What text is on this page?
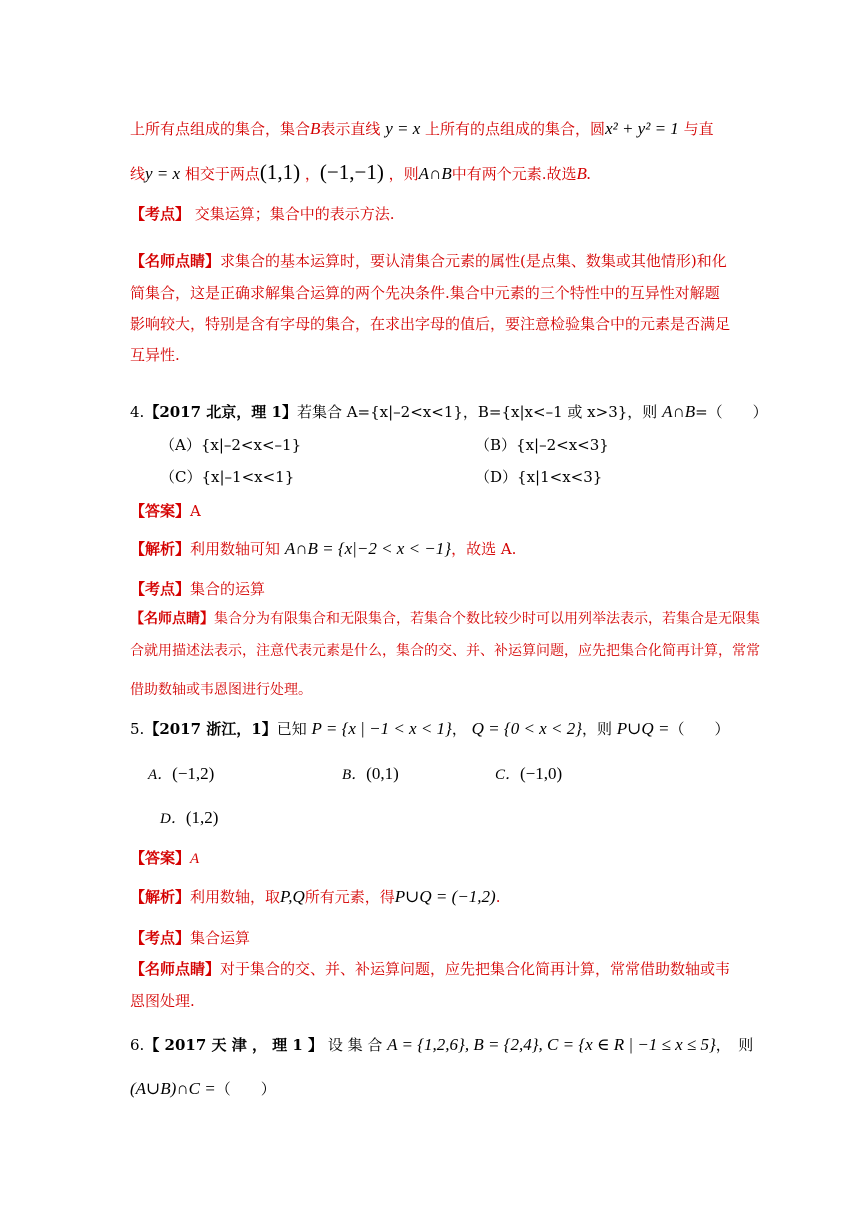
上所有点组成的集合，集合B表示直线 y = x 上所有的点组成的集合，圆x² + y² = 1 与直
线y = x 相交于两点(1,1) ，(−1,−1) ，则A∩B中有两个元素.故选B.
【考点】 交集运算；集合中的表示方法.
【名师点睛】求集合的基本运算时，要认清集合元素的属性(是点集、数集或其他情形)和化
简集合，这是正确求解集合运算的两个先决条件.集合中元素的三个特性中的互异性对解题
影响较大，特别是含有字母的集合，在求出字母的值后，要注意检验集合中的元素是否满足
互异性.
4.【2017 北京，理 1】若集合 A={x|–2<x<1}，B={x|x<–1 或 x>3}，则 A∩B=（　　）
（A）{x|–2<x<–1}	（B）{x|–2<x<3}
（C）{x|–1<x<1}	（D）{x|1<x<3}
【答案】A
【解析】利用数轴可知 A∩B = {x|−2 < x < −1}，故选 A.
【考点】集合的运算
【名师点睛】集合分为有限集合和无限集合，若集合个数比较少时可以用列举法表示，若集合是无限集
合就用描述法表示，注意代表元素是什么，集合的交、并、补运算问题，应先把集合化简再计算，常常
借助数轴或韦恩图进行处理。
5.【2017 浙江，1】已知 P = {x | −1 < x < 1}， Q = {0 < x < 2}，则 P∪Q =（　　）
A．(−1,2)	B．(0,1)	C．(−1,0)
D．(1,2)
【答案】A
【解析】利用数轴，取P,Q所有元素，得P∪Q = (−1,2).
【考点】集合运算
【名师点睛】对于集合的交、并、补运算问题，应先把集合化简再计算，常常借助数轴或韦
恩图处理.
6.【 2017 天 津 ， 理 1 】 设 集 合 A = {1,2,6}, B = {2,4}, C = {x ∈ R | −1 ≤ x ≤ 5}，　则
(A∪B)∩C =（　　）
